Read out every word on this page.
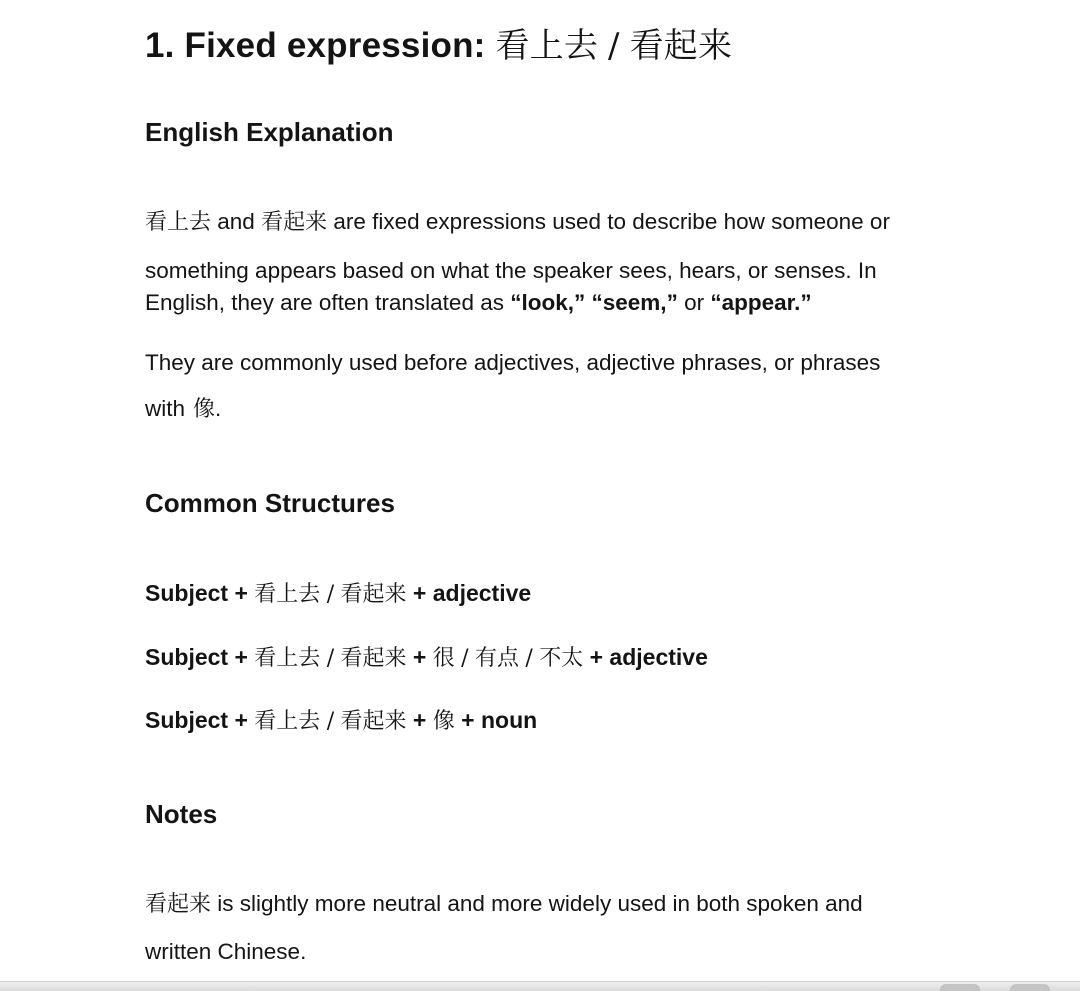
1. Fixed expression: 看上去 / 看起来
English Explanation

看上去 and 看起来 are fixed expressions used to describe how someone or

something appears based on what the speaker sees, hears, or senses. In

English, they are often translated as “look,” “seem,” or “appear.”

They are commonly used before adjectives, adjective phrases, or phrases

with 像.

Common Structures

Subject + 看上去 / 看起来 + adjective

Subject + 看上去 / 看起来 + 很 / 有点 / 不太 + adjective

Subject + 看上去 / 看起来 + 像 + noun

Notes

看起来 is slightly more neutral and more widely used in both spoken and

written Chinese.
